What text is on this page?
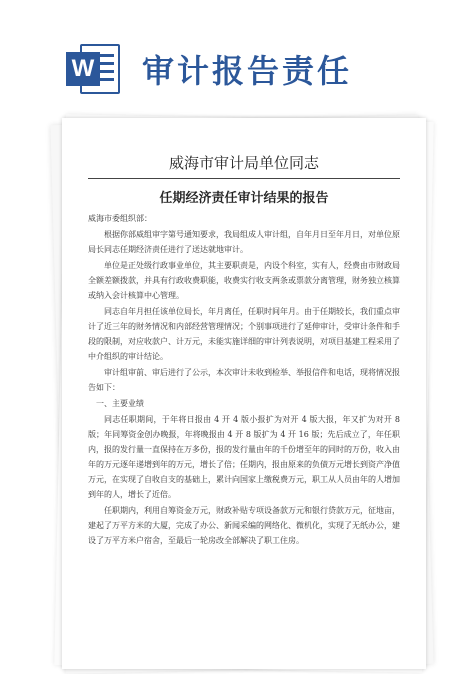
W 审计报告责任
威海市审计局单位同志
任期经济责任审计结果的报告

威海市委组织部：

根据你部威组审字第号通知要求，我局组成人审计组，自年月日至年月日，对单位原局长同志任期经济责任进行了送达就地审计。

单位是正处级行政事业单位，其主要职责是，内设个科室，实有人，经费由市财政局全额差额拨款，并具有行政收费职能，收费实行收支两条或票款分离管理，财务独立核算或纳入会计核算中心管理。

同志自年月担任该单位局长，年月离任，任职时间年月。由于任期较长，我们重点审计了近三年的财务情况和内部经营管理情况；个别事项进行了延伸审计，受审计条件和手段的限制，对应收款户、计万元，未能实施详细的审计列表说明，对项目基建工程采用了中介组织的审计结论。

审计组审前、审后进行了公示，本次审计未收到检举、举报信件和电话，现将情况报告如下：

一、主要业绩

同志任职期间，于年将日报由 4 开 4 版小报扩为对开 4 版大报，年又扩为对开 8 版；年同筹资金创办晚报，年将晚报由 4 开 8 版扩为 4 开 16 版；先后成立了，年任职内，报的发行量一直保持在万多份，报的发行量由年的千份增至年的同时的万份，收入由年的万元逐年递增到年的万元，增长了倍；任期内，报由原来的负债万元增长到资产净值万元，在实现了自收自支的基础上，累计向国家上缴税费万元，职工从人员由年的人增加到年的人，增长了近倍。

任职期内，利用自筹资金万元，财政补贴专项设备款万元和银行贷款万元，征地亩，建起了万平方米的大厦，完成了办公、新闻采编的网络化、微机化，实现了无纸办公，建设了万平方米户宿舍，至最后一轮房改全部解决了职工住房。
